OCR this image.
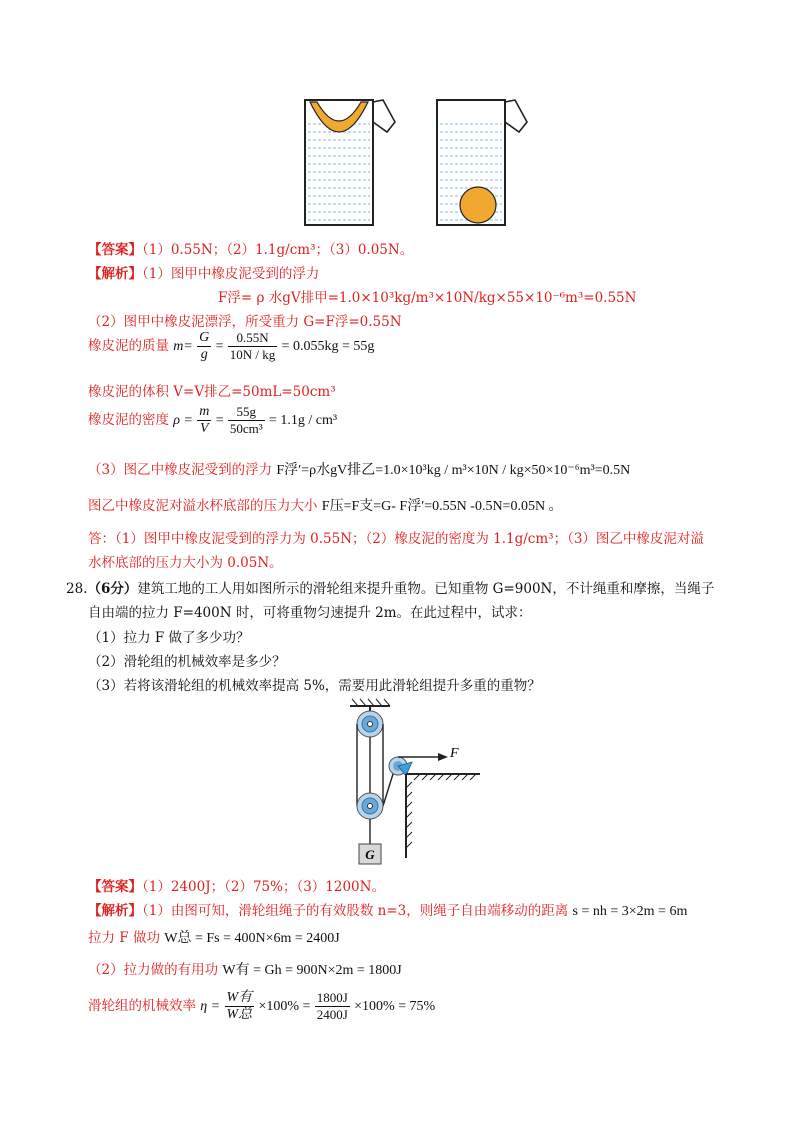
【答案】（1）0.55N；（2）1.1g/cm³；（3）0.05N。
【解析】（1）图甲中橡皮泥受到的浮力
F浮= ρ 水gV排甲=1.0×10³kg/m³×10N/kg×55×10⁻⁶m³=0.55N
（2）图甲中橡皮泥漂浮，所受重力 G=F浮=0.55N
橡皮泥的质量 $m= \frac{G}{g} = \frac{0.55N}{10N / kg} = 0.055kg = 55g$
橡皮泥的体积 V=V排乙=50mL=50cm³
橡皮泥的密度 $\rho = \frac{m}{V} = \frac{55g}{\text{50cm³}} = 1.1g / cm^3$
（3）图乙中橡皮泥受到的浮力 F浮′=ρ水gV排乙=1.0×10³kg / m³×10N / kg×50×10⁻⁶m³=0.5N
图乙中橡皮泥对溢水杯底部的压力大小 F压=F支=G- F浮′=0.55N -0.5N=0.05N 。
答：（1）图甲中橡皮泥受到的浮力为 0.55N；（2）橡皮泥的密度为 1.1g/cm³；（3）图乙中橡皮泥对溢
水杯底部的压力大小为 0.05N。
28.（6分）建筑工地的工人用如图所示的滑轮组来提升重物。已知重物 G=900N，不计绳重和摩擦，当绳子
自由端的拉力 F=400N 时，可将重物匀速提升 2m。在此过程中，试求：
（1）拉力 F 做了多少功？
（2）滑轮组的机械效率是多少？
（3）若将该滑轮组的机械效率提高 5%，需要用此滑轮组提升多重的重物？
F
G
【答案】（1）2400J；（2）75%；（3）1200N。
【解析】（1）由图可知，滑轮组绳子的有效股数 n=3，则绳子自由端移动的距离 s = nh = 3×2m = 6m
拉力 F 做功 W总 = Fs = 400N×6m = 2400J
（2）拉力做的有用功 W有 = Gh = 900N×2m = 1800J
滑轮组的机械效率 $\eta = \frac{\text{W有}}{\text{W总}} \times 100\% = \frac{1800J}{2400J} \times 100\% = 75\%$
